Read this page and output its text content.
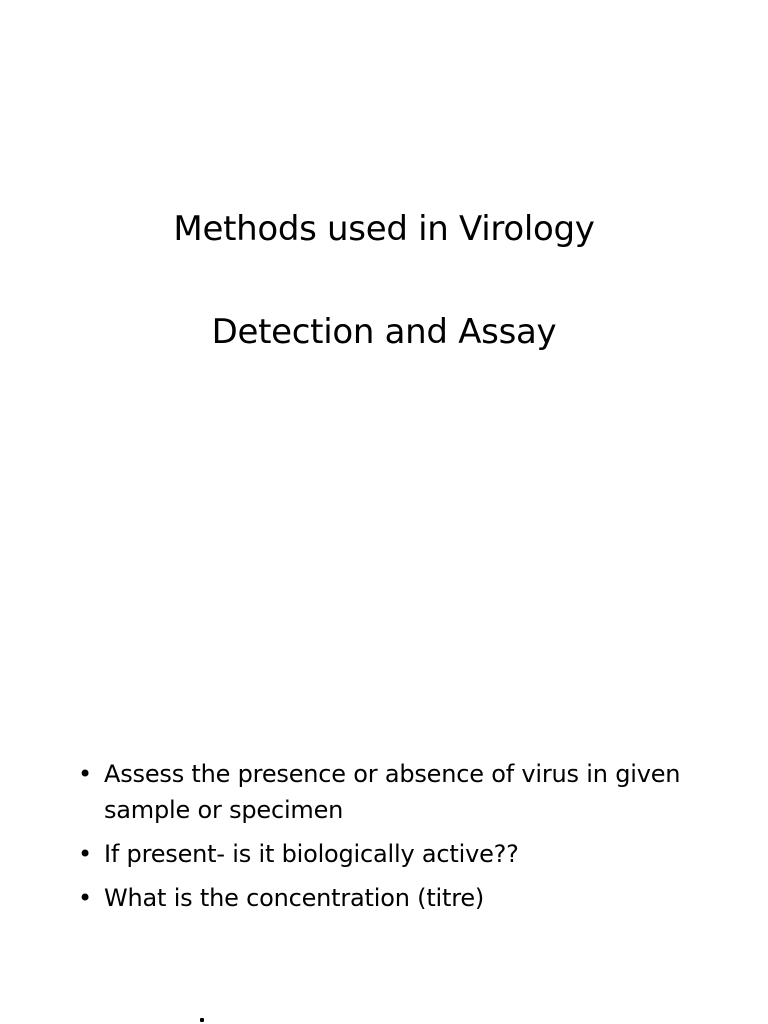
Methods used in Virology

Detection and Assay

• Assess the presence or absence of virus in given sample or specimen
• If present- is it biologically active??
• What is the concentration (titre)
